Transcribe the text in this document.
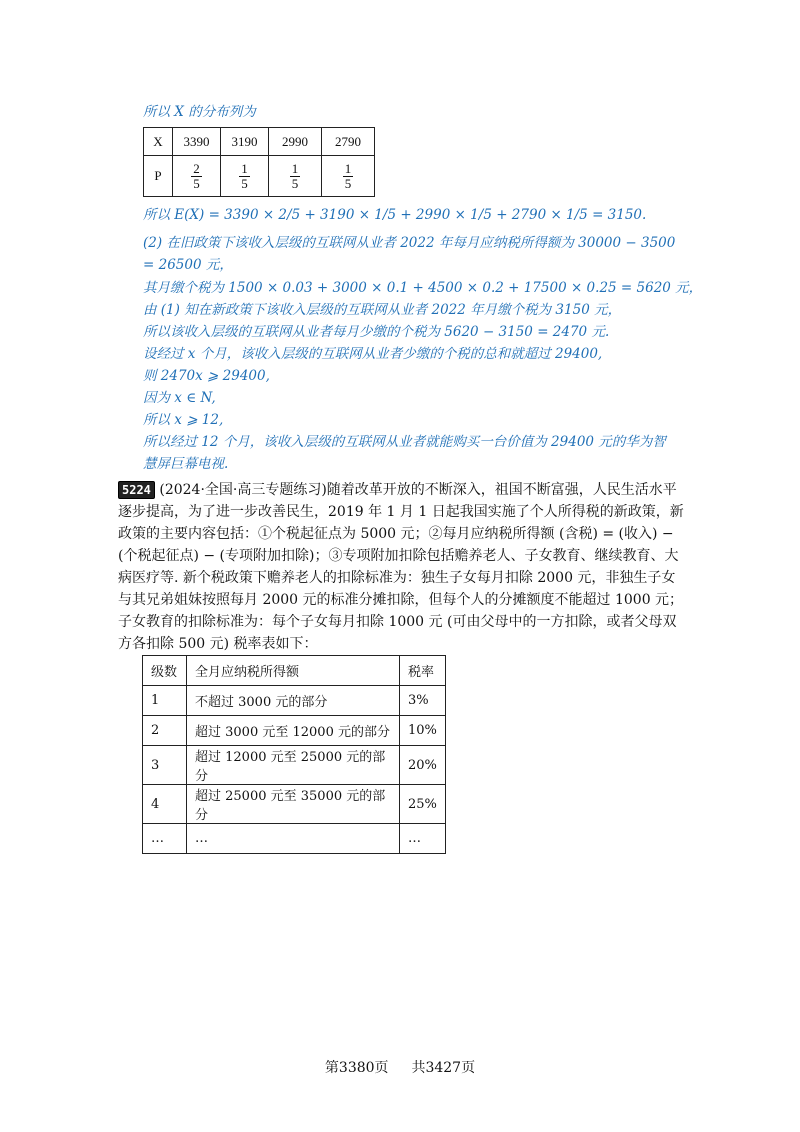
所以 X 的分布列为
X	3390	3190	2990	2790
P	$\frac{2}{5}$	$\frac{1}{5}$	$\frac{1}{5}$	$\frac{1}{5}$
所以 E(X) = 3390 × 2/5 + 3190 × 1/5 + 2990 × 1/5 + 2790 × 1/5 = 3150.
(2) 在旧政策下该收入层级的互联网从业者 2022 年每月应纳税所得额为 30000 − 3500
= 26500 元，
其月缴个税为 1500 × 0.03 + 3000 × 0.1 + 4500 × 0.2 + 17500 × 0.25 = 5620 元，
由 (1) 知在新政策下该收入层级的互联网从业者 2022 年月缴个税为 3150 元，
所以该收入层级的互联网从业者每月少缴的个税为 5620 − 3150 = 2470 元.
设经过 x 个月，该收入层级的互联网从业者少缴的个税的总和就超过 29400,
则 2470x ⩾ 29400,
因为 x ∈ N,
所以 x ⩾ 12,
所以经过 12 个月，该收入层级的互联网从业者就能购买一台价值为 29400 元的华为智
慧屏巨幕电视.
5224 (2024·全国·高三专题练习)随着改革开放的不断深入，祖国不断富强，人民生活水平逐步提高，为了进一步改善民生，2019 年 1 月 1 日起我国实施了个人所得税的新政策，新政策的主要内容包括：①个税起征点为 5000 元；②每月应纳税所得额 (含税) = (收入) − (个税起征点) − (专项附加扣除)；③专项附加扣除包括赡养老人、子女教育、继续教育、大病医疗等. 新个税政策下赡养老人的扣除标准为：独生子女每月扣除 2000 元，非独生子女与其兄弟姐妹按照每月 2000 元的标准分摊扣除，但每个人的分摊额度不能超过 1000 元；子女教育的扣除标准为：每个子女每月扣除 1000 元 (可由父母中的一方扣除，或者父母双方各扣除 500 元) 税率表如下：
级数	全月应纳税所得额	税率
1	不超过 3000 元的部分	3%
2	超过 3000 元至 12000 元的部分	10%
3	超过 12000 元至 25000 元的部分	20%
4	超过 25000 元至 35000 元的部分	25%
…	…	…
第3380页 共3427页
